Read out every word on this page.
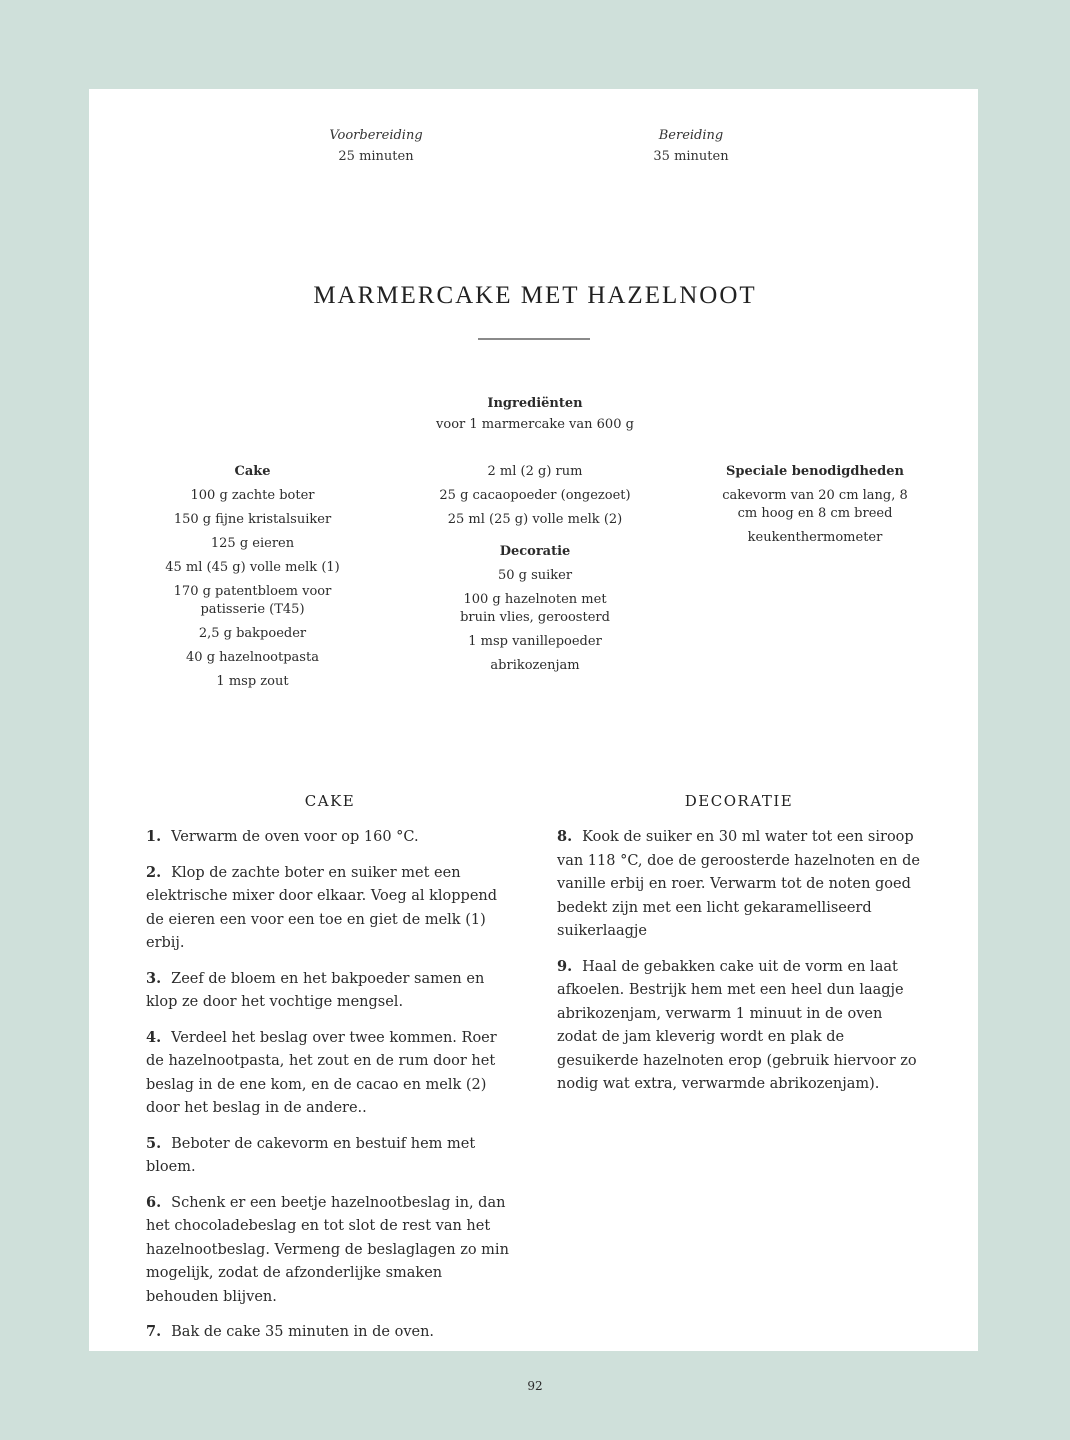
Voorbereiding
25 minuten
Bereiding
35 minuten
MARMERCAKE MET HAZELNOOT
Ingrediënten
voor 1 marmercake van 600 g
Cake
100 g zachte boter
150 g fijne kristalsuiker
125 g eieren
45 ml (45 g) volle melk (1)
170 g patentbloem voor patisserie (T45)
2,5 g bakpoeder
40 g hazelnootpasta
1 msp zout
2 ml (2 g) rum
25 g cacaopoeder (ongezoet)
25 ml (25 g) volle melk (2)
Decoratie
50 g suiker
100 g hazelnoten met bruin vlies, geroosterd
1 msp vanillepoeder
abrikozenjam
Speciale benodigdheden
cakevorm van 20 cm lang, 8 cm hoog en 8 cm breed
keukenthermometer
CAKE	DECORATIE
1. Verwarm de oven voor op 160 °C.
2. Klop de zachte boter en suiker met een elektrische mixer door elkaar. Voeg al kloppend de eieren een voor een toe en giet de melk (1) erbij.
3. Zeef de bloem en het bakpoeder samen en klop ze door het vochtige mengsel.
4. Verdeel het beslag over twee kommen. Roer de hazelnootpasta, het zout en de rum door het beslag in de ene kom, en de cacao en melk (2) door het beslag in de andere..
5. Beboter de cakevorm en bestuif hem met bloem.
6. Schenk er een beetje hazelnootbeslag in, dan het chocoladebeslag en tot slot de rest van het hazelnootbeslag. Vermeng de beslaglagen zo min mogelijk, zodat de afzonderlijke smaken behouden blijven.
7. Bak de cake 35 minuten in de oven.
8. Kook de suiker en 30 ml water tot een siroop van 118 °C, doe de geroosterde hazelnoten en de vanille erbij en roer. Verwarm tot de noten goed bedekt zijn met een licht gekaramelliseerd suikerlaagje
9. Haal de gebakken cake uit de vorm en laat afkoelen. Bestrijk hem met een heel dun laagje abrikozenjam, verwarm 1 minuut in de oven zodat de jam kleverig wordt en plak de gesuikerde hazelnoten erop (gebruik hiervoor zo nodig wat extra, verwarmde abrikozenjam).
92
